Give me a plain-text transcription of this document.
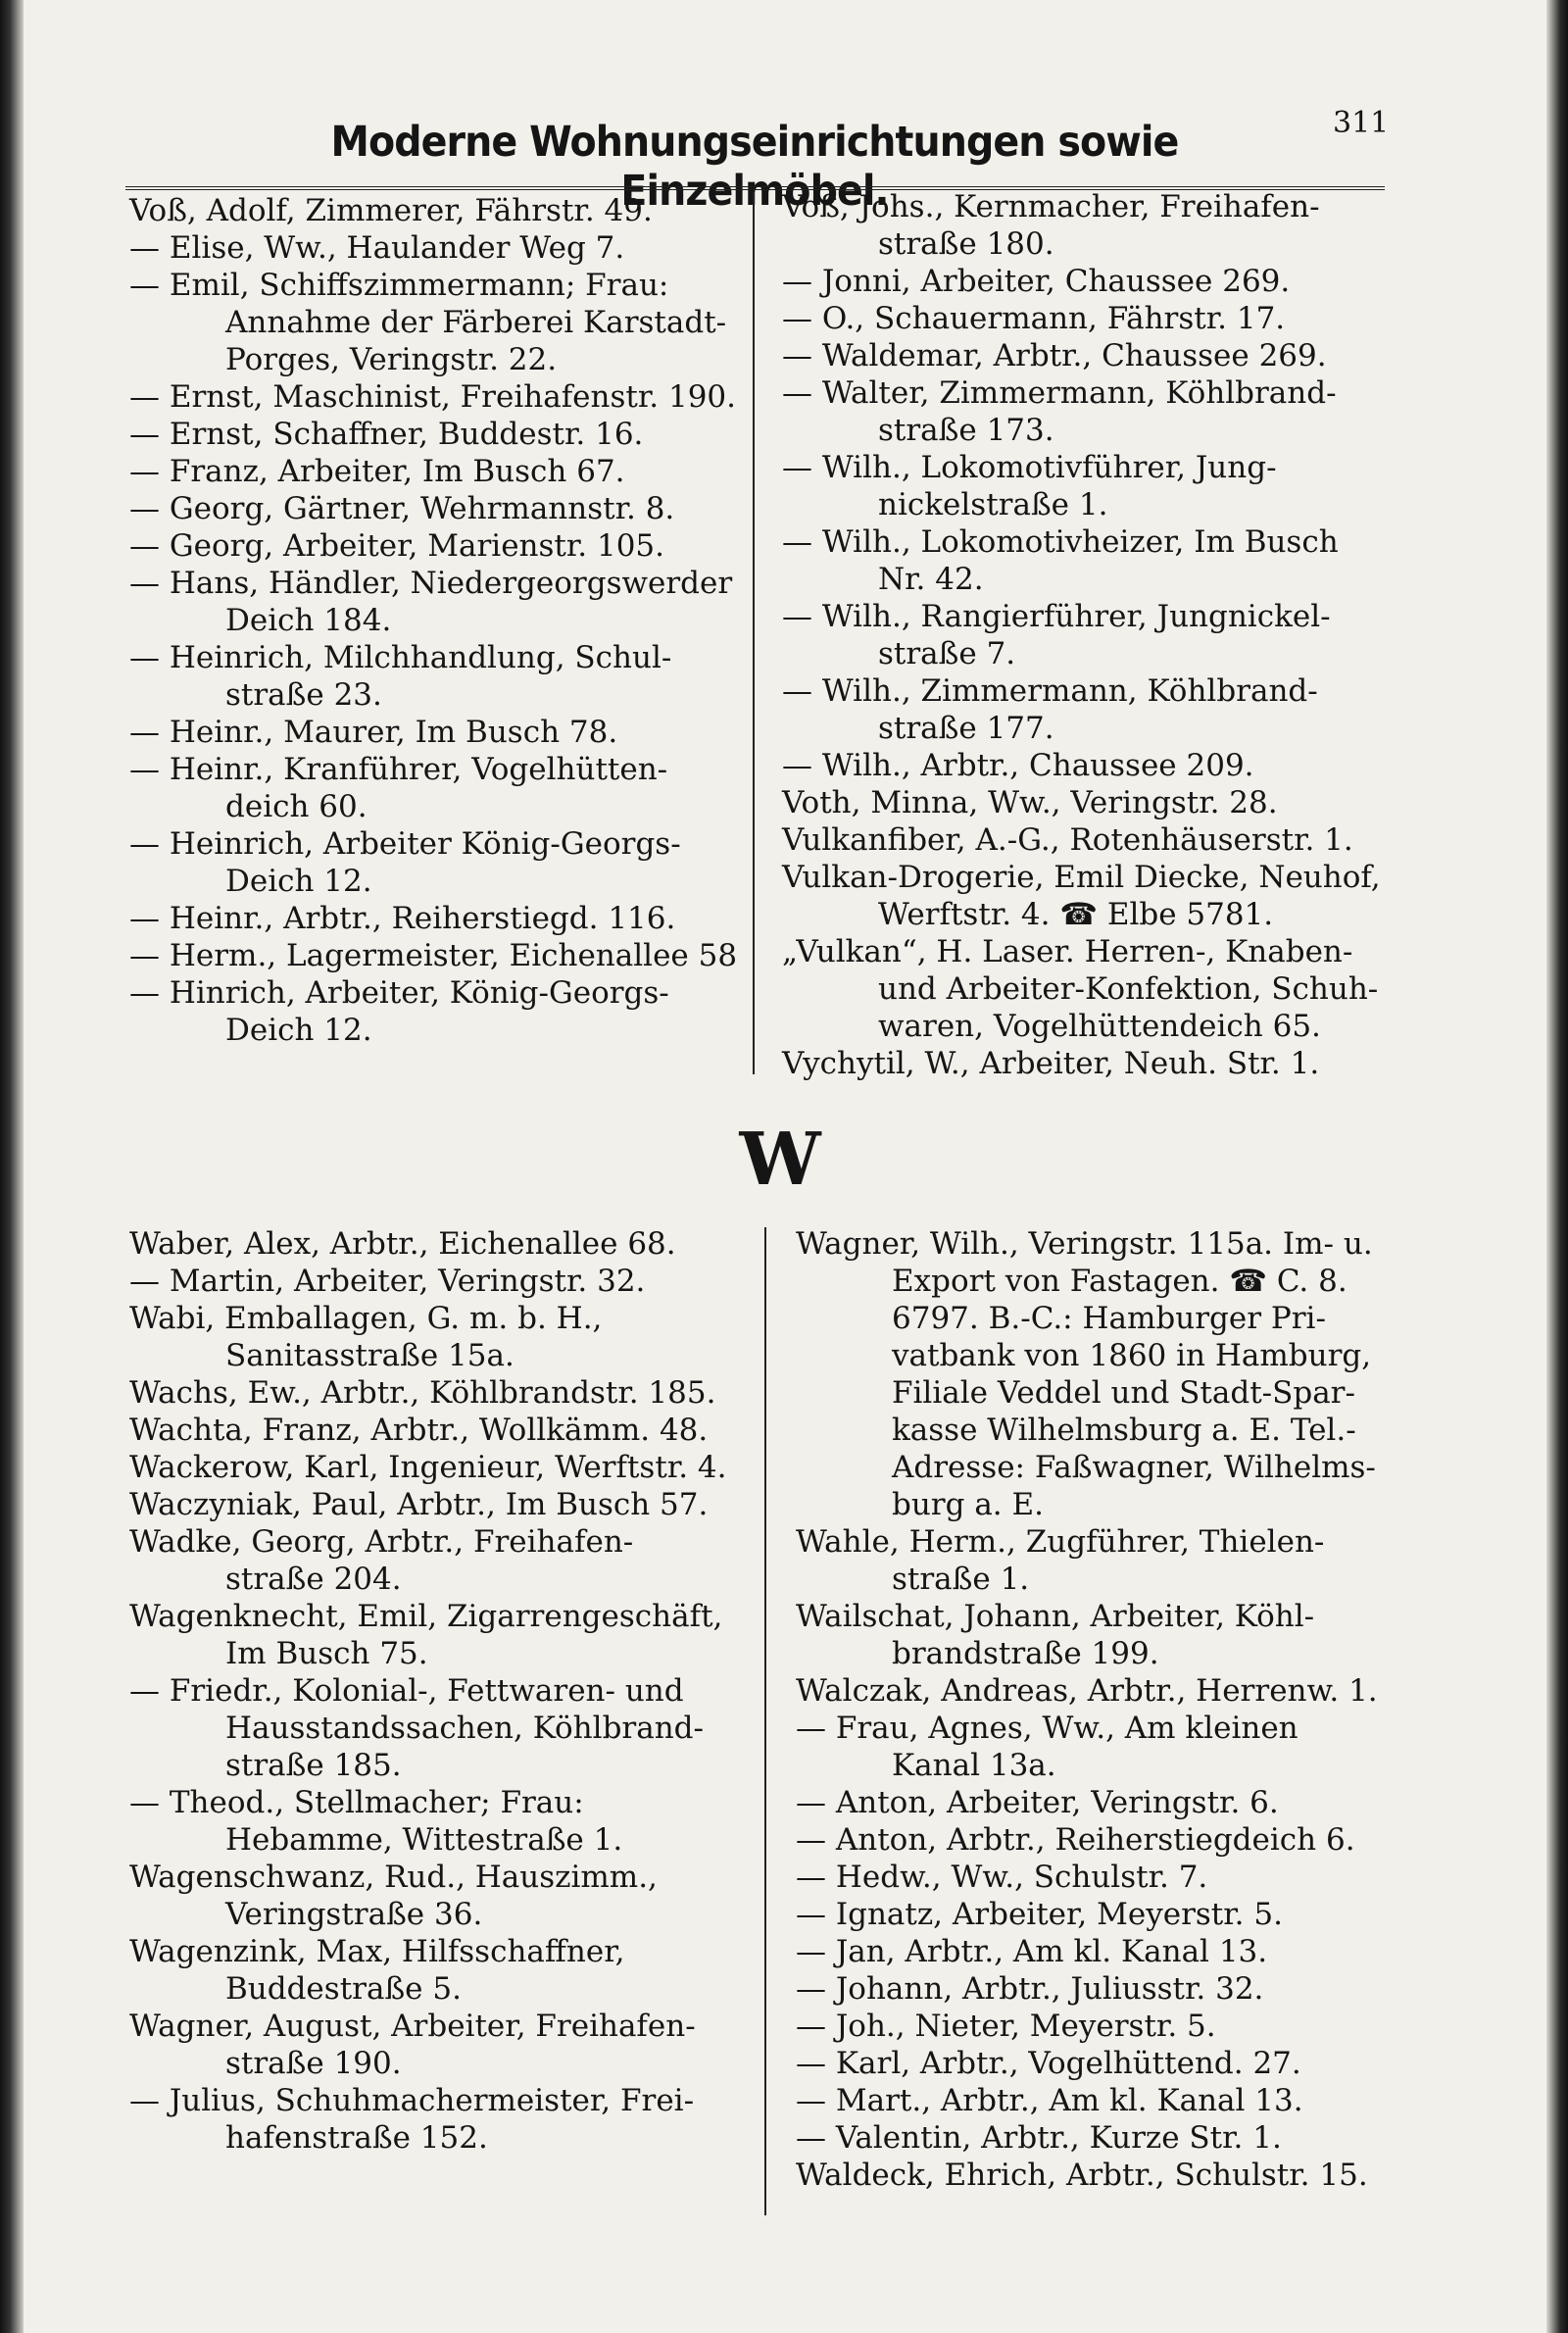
Moderne Wohnungseinrichtungen sowie Einzelmöbel.
311
Voß, Adolf, Zimmerer, Fährstr. 49.
— Elise, Ww., Haulander Weg 7.
— Emil, Schiffszimmermann; Frau:
Annahme der Färberei Karstadt-
Porges, Veringstr. 22.
— Ernst, Maschinist, Freihafenstr. 190.
— Ernst, Schaffner, Buddestr. 16.
— Franz, Arbeiter, Im Busch 67.
— Georg, Gärtner, Wehrmannstr. 8.
— Georg, Arbeiter, Marienstr. 105.
— Hans, Händler, Niedergeorgswerder
Deich 184.
— Heinrich, Milchhandlung, Schul-
straße 23.
— Heinr., Maurer, Im Busch 78.
— Heinr., Kranführer, Vogelhütten-
deich 60.
— Heinrich, Arbeiter König-Georgs-
Deich 12.
— Heinr., Arbtr., Reiherstiegd. 116.
— Herm., Lagermeister, Eichenallee 58
— Hinrich, Arbeiter, König-Georgs-
Deich 12.
Voß, Johs., Kernmacher, Freihafen-
straße 180.
— Jonni, Arbeiter, Chaussee 269.
— O., Schauermann, Fährstr. 17.
— Waldemar, Arbtr., Chaussee 269.
— Walter, Zimmermann, Köhlbrand-
straße 173.
— Wilh., Lokomotivführer, Jung-
nickelstraße 1.
— Wilh., Lokomotivheizer, Im Busch
Nr. 42.
— Wilh., Rangierführer, Jungnickel-
straße 7.
— Wilh., Zimmermann, Köhlbrand-
straße 177.
— Wilh., Arbtr., Chaussee 209.
Voth, Minna, Ww., Veringstr. 28.
Vulkanfiber, A.-G., Rotenhäuserstr. 1.
Vulkan-Drogerie, Emil Diecke, Neuhof,
Werftstr. 4. ☎ Elbe 5781.
„Vulkan“, H. Laser. Herren-, Knaben-
und Arbeiter-Konfektion, Schuh-
waren, Vogelhüttendeich 65.
Vychytil, W., Arbeiter, Neuh. Str. 1.
W
Waber, Alex, Arbtr., Eichenallee 68.
— Martin, Arbeiter, Veringstr. 32.
Wabi, Emballagen, G. m. b. H.,
Sanitasstraße 15a.
Wachs, Ew., Arbtr., Köhlbrandstr. 185.
Wachta, Franz, Arbtr., Wollkämm. 48.
Wackerow, Karl, Ingenieur, Werftstr. 4.
Waczyniak, Paul, Arbtr., Im Busch 57.
Wadke, Georg, Arbtr., Freihafen-
straße 204.
Wagenknecht, Emil, Zigarrengeschäft,
Im Busch 75.
— Friedr., Kolonial-, Fettwaren- und
Hausstandssachen, Köhlbrand-
straße 185.
— Theod., Stellmacher; Frau:
Hebamme, Wittestraße 1.
Wagenschwanz, Rud., Hauszimm.,
Veringstraße 36.
Wagenzink, Max, Hilfsschaffner,
Buddestraße 5.
Wagner, August, Arbeiter, Freihafen-
straße 190.
— Julius, Schuhmachermeister, Frei-
hafenstraße 152.
Wagner, Wilh., Veringstr. 115a. Im- u.
Export von Fastagen. ☎ C. 8.
6797. B.-C.: Hamburger Pri-
vatbank von 1860 in Hamburg,
Filiale Veddel und Stadt-Spar-
kasse Wilhelmsburg a. E. Tel.-
Adresse: Faßwagner, Wilhelms-
burg a. E.
Wahle, Herm., Zugführer, Thielen-
straße 1.
Wailschat, Johann, Arbeiter, Köhl-
brandstraße 199.
Walczak, Andreas, Arbtr., Herrenw. 1.
— Frau, Agnes, Ww., Am kleinen
Kanal 13a.
— Anton, Arbeiter, Veringstr. 6.
— Anton, Arbtr., Reiherstiegdeich 6.
— Hedw., Ww., Schulstr. 7.
— Ignatz, Arbeiter, Meyerstr. 5.
— Jan, Arbtr., Am kl. Kanal 13.
— Johann, Arbtr., Juliusstr. 32.
— Joh., Nieter, Meyerstr. 5.
— Karl, Arbtr., Vogelhüttend. 27.
— Mart., Arbtr., Am kl. Kanal 13.
— Valentin, Arbtr., Kurze Str. 1.
Waldeck, Ehrich, Arbtr., Schulstr. 15.
